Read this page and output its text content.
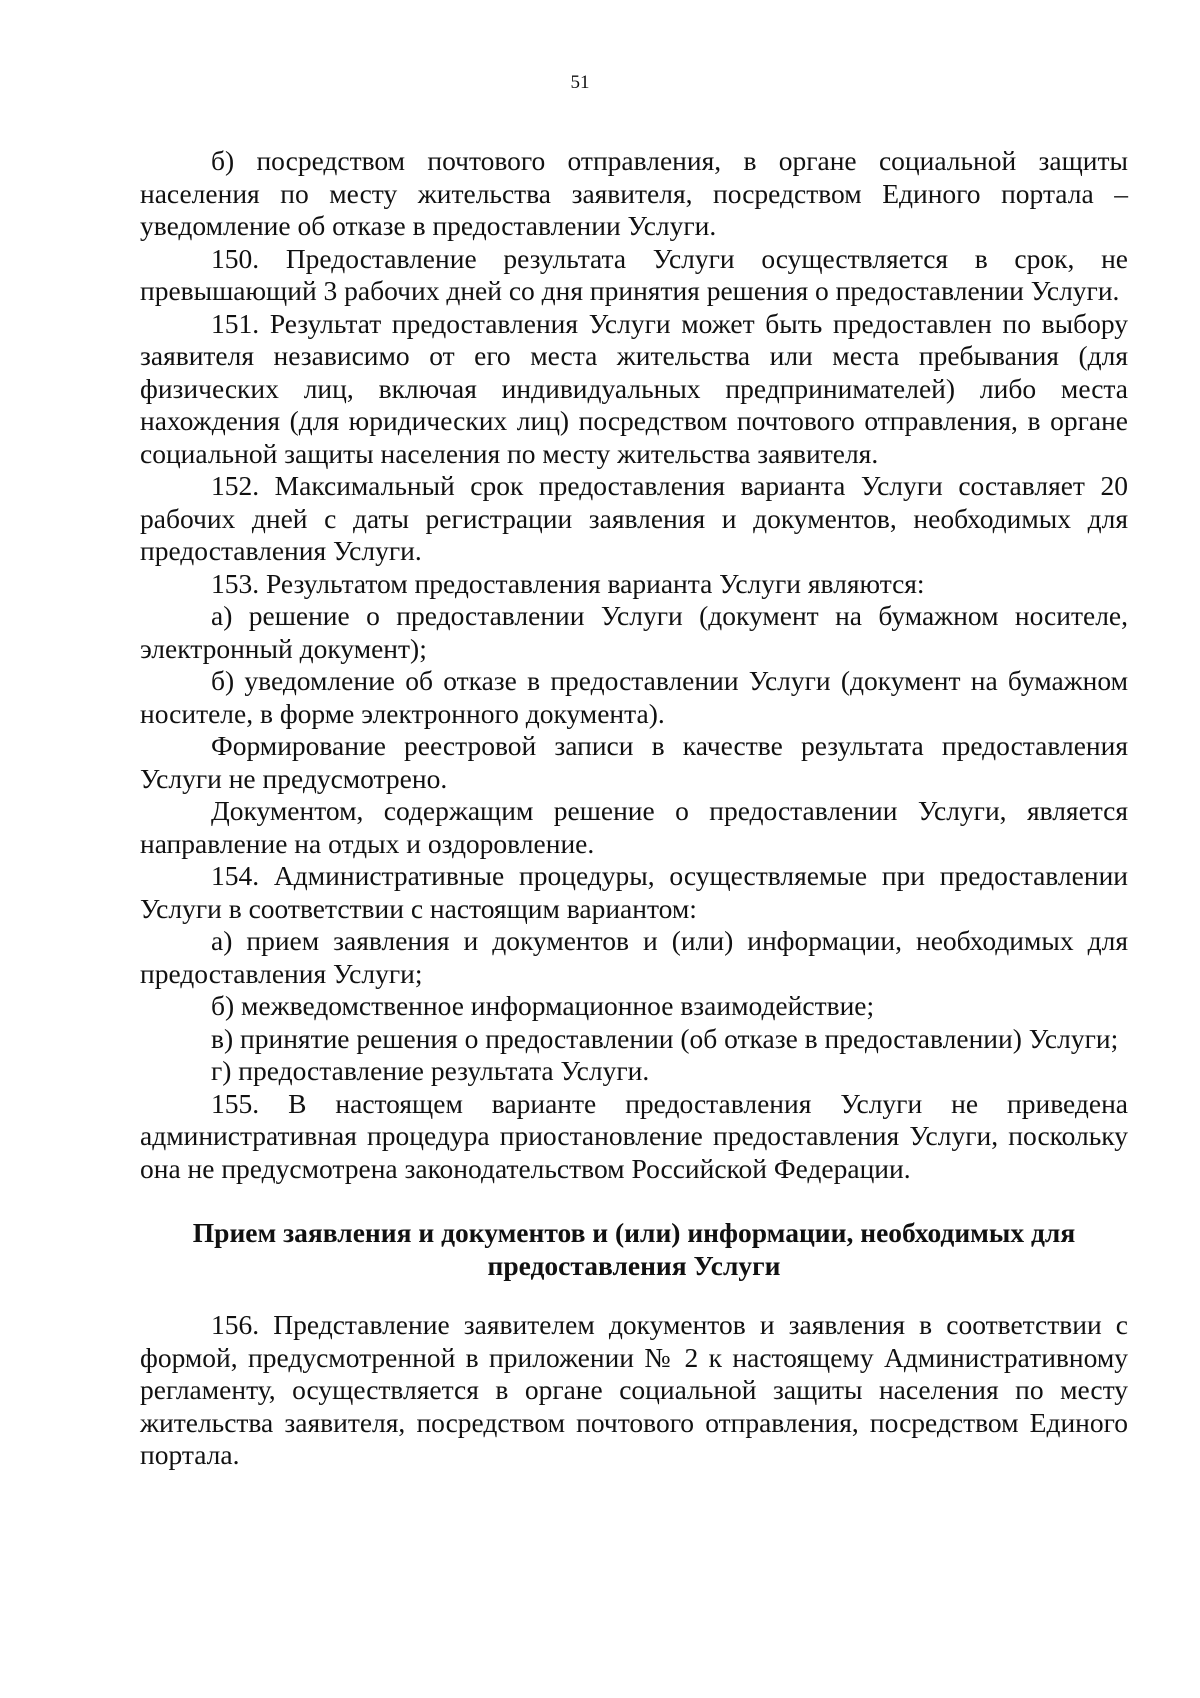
51

б) посредством почтового отправления, в органе социальной защиты населения по месту жительства заявителя, посредством Единого портала – уведомление об отказе в предоставлении Услуги.

150. Предоставление результата Услуги осуществляется в срок, не превышающий 3 рабочих дней со дня принятия решения о предоставлении Услуги.

151. Результат предоставления Услуги может быть предоставлен по выбору заявителя независимо от его места жительства или места пребывания (для физических лиц, включая индивидуальных предпринимателей) либо места нахождения (для юридических лиц) посредством почтового отправления, в органе социальной защиты населения по месту жительства заявителя.

152. Максимальный срок предоставления варианта Услуги составляет 20 рабочих дней с даты регистрации заявления и документов, необходимых для предоставления Услуги.

153. Результатом предоставления варианта Услуги являются:

а) решение о предоставлении Услуги (документ на бумажном носителе, электронный документ);

б) уведомление об отказе в предоставлении Услуги (документ на бумажном носителе, в форме электронного документа).

Формирование реестровой записи в качестве результата предоставления Услуги не предусмотрено.

Документом, содержащим решение о предоставлении Услуги, является направление на отдых и оздоровление.

154. Административные процедуры, осуществляемые при предоставлении Услуги в соответствии с настоящим вариантом:

а) прием заявления и документов и (или) информации, необходимых для предоставления Услуги;

б) межведомственное информационное взаимодействие;

в) принятие решения о предоставлении (об отказе в предоставлении) Услуги;

г) предоставление результата Услуги.

155. В настоящем варианте предоставления Услуги не приведена административная процедура приостановление предоставления Услуги, поскольку она не предусмотрена законодательством Российской Федерации.

Прием заявления и документов и (или) информации, необходимых для предоставления Услуги

156. Представление заявителем документов и заявления в соответствии с формой, предусмотренной в приложении № 2 к настоящему Административному регламенту, осуществляется в органе социальной защиты населения по месту жительства заявителя, посредством почтового отправления, посредством Единого портала.
